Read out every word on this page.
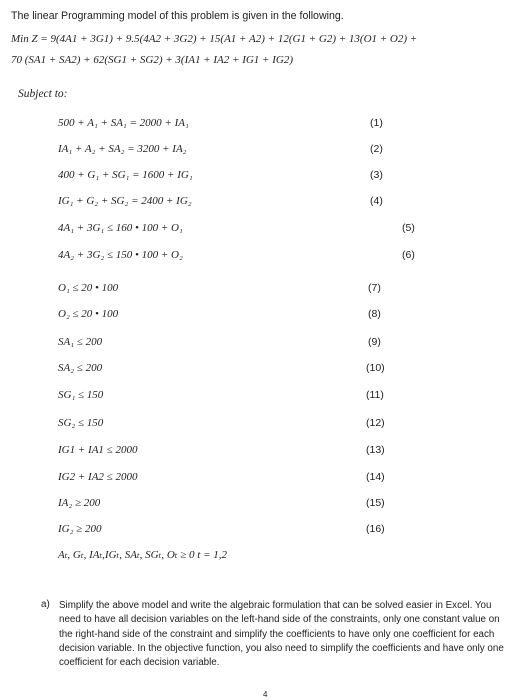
The linear Programming model of this problem is given in the following.
Min Z = 9(4A1 + 3G1) + 9.5(4A2 + 3G2) + 15(A1 + A2) + 12(G1 + G2) + 13(O1 + O2) +
70 (SA1 + SA2) + 62(SG1 + SG2) + 3(IA1 + IA2 + IG1 + IG2)
Subject to:
500 + A₁ + SA₁ = 2000 + IA₁	(1)
IA₁ + A₂ + SA₂ = 3200 + IA₂	(2)
400 + G₁ + SG₁ = 1600 + IG₁	(3)
IG₁ + G₂ + SG₂ = 2400 + IG₂	(4)
4A₁ + 3G₁ ≤ 160 • 100 + O₁	(5)
4A₂ + 3G₂ ≤ 150 • 100 + O₂	(6)
O₁ ≤ 20 • 100	(7)
O₂ ≤ 20 • 100	(8)
SA₁ ≤ 200	(9)
SA₂ ≤ 200	(10)
SG₁ ≤ 150	(11)
SG₂ ≤ 150	(12)
IG1 + IA1 ≤ 2000	(13)
IG2 + IA2 ≤ 2000	(14)
IA₂ ≥ 200	(15)
IG₂ ≥ 200	(16)
Aₜ, Gₜ, IAₜ,IGₜ, SAₜ, SGₜ, Oₜ ≥ 0 t = 1,2
a) Simplify the above model and write the algebraic formulation that can be solved easier in Excel. You need to have all decision variables on the left-hand side of the constraints, only one constant value on the right-hand side of the constraint and simplify the coefficients to have only one coefficient for each decision variable. In the objective function, you also need to simplify the coefficients and have only one coefficient for each decision variable.
4
